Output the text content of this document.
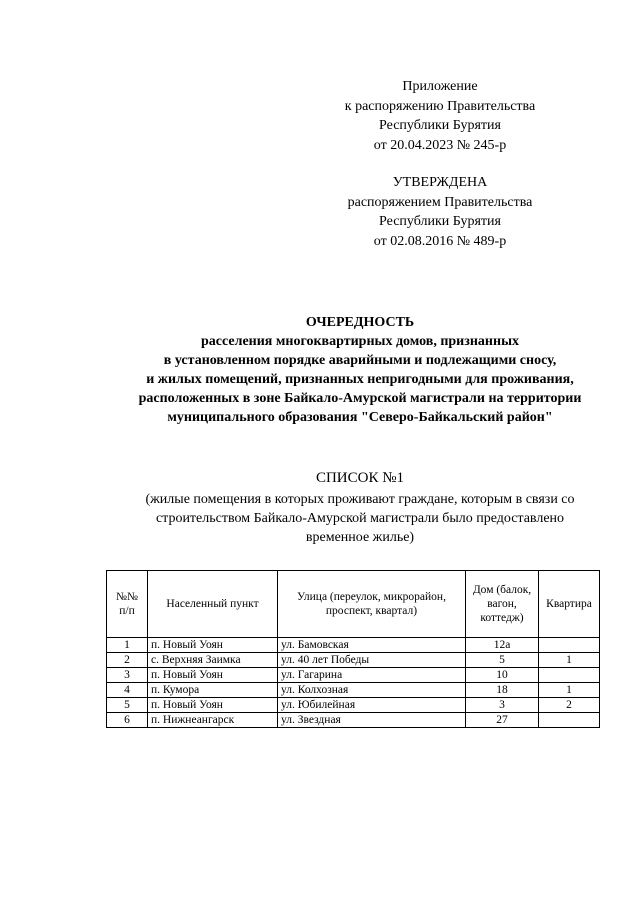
Приложение
к распоряжению Правительства
Республики Бурятия
от 20.04.2023 № 245-р
УТВЕРЖДЕНА
распоряжением Правительства
Республики Бурятия
от 02.08.2016 № 489-р
ОЧЕРЕДНОСТЬ
расселения многоквартирных домов, признанных
в установленном порядке аварийными и подлежащими сносу,
и жилых помещений, признанных непригодными для проживания,
расположенных в зоне Байкало-Амурской магистрали на территории
муниципального образования "Северо-Байкальский район"
СПИСОК №1
(жилые помещения в которых проживают граждане, которым в связи со
строительством Байкало-Амурской магистрали было предоставлено
временное жилье)
№№
п/п	Населенный пункт	Улица (переулок, микрорайон,
проспект, квартал)	Дом (балок,
вагон,
коттедж)	Квартира

1	п. Новый Уоян	ул. Бамовская	12а	
2	с. Верхняя Заимка	ул. 40 лет Победы	5	1
3	п. Новый Уоян	ул. Гагарина	10	
4	п. Кумора	ул. Колхозная	18	1
5	п. Новый Уоян	ул. Юбилейная	3	2
6	п. Нижнеангарск	ул. Звездная	27	
